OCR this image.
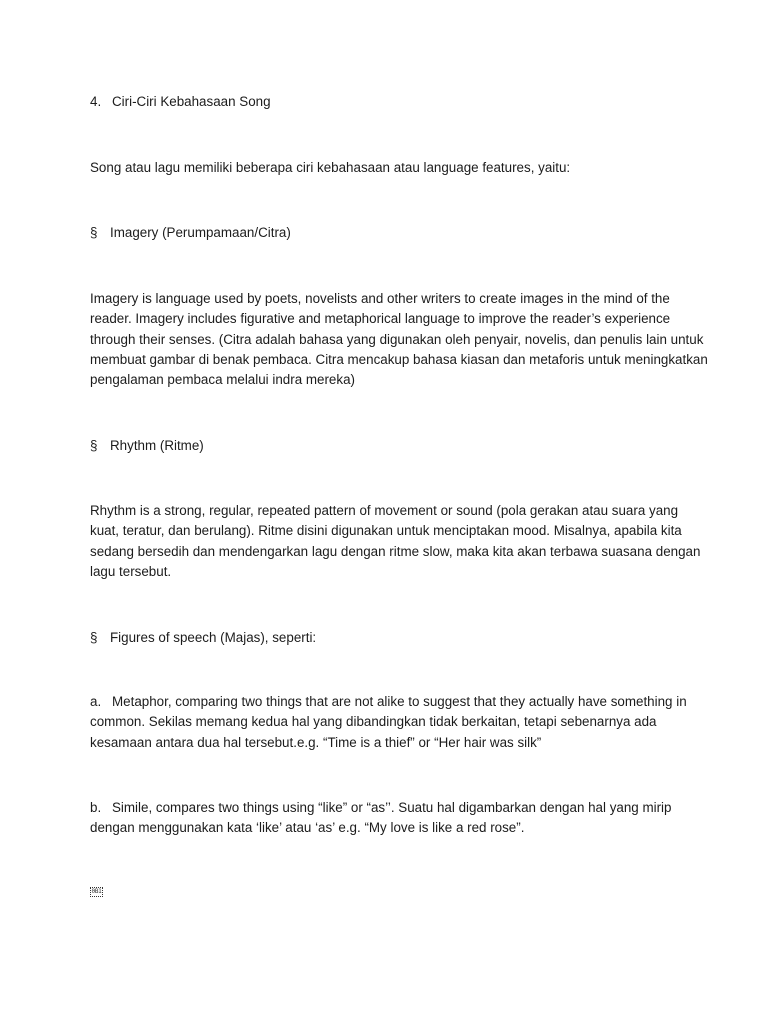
4. Ciri-Ciri Kebahasaan Song
Song atau lagu memiliki beberapa ciri kebahasaan atau language features, yaitu:
§ Imagery (Perumpamaan/Citra)
Imagery is language used by poets, novelists and other writers to create images in the mind of the
reader. Imagery includes figurative and metaphorical language to improve the reader’s experience
through their senses. (Citra adalah bahasa yang digunakan oleh penyair, novelis, dan penulis lain untuk
membuat gambar di benak pembaca. Citra mencakup bahasa kiasan dan metaforis untuk meningkatkan
pengalaman pembaca melalui indra mereka)
§ Rhythm (Ritme)
Rhythm is a strong, regular, repeated pattern of movement or sound (pola gerakan atau suara yang
kuat, teratur, dan berulang). Ritme disini digunakan untuk menciptakan mood. Misalnya, apabila kita
sedang bersedih dan mendengarkan lagu dengan ritme slow, maka kita akan terbawa suasana dengan
lagu tersebut.
§ Figures of speech (Majas), seperti:
a. Metaphor, comparing two things that are not alike to suggest that they actually have something in
common. Sekilas memang kedua hal yang dibandingkan tidak berkaitan, tetapi sebenarnya ada
kesamaan antara dua hal tersebut.e.g. “Time is a thief” or “Her hair was silk”
b. Simile, compares two things using “like” or “as’’. Suatu hal digambarkan dengan hal yang mirip
dengan menggunakan kata ‘like’ atau ‘as’ e.g. “My love is like a red rose”.
0B1
